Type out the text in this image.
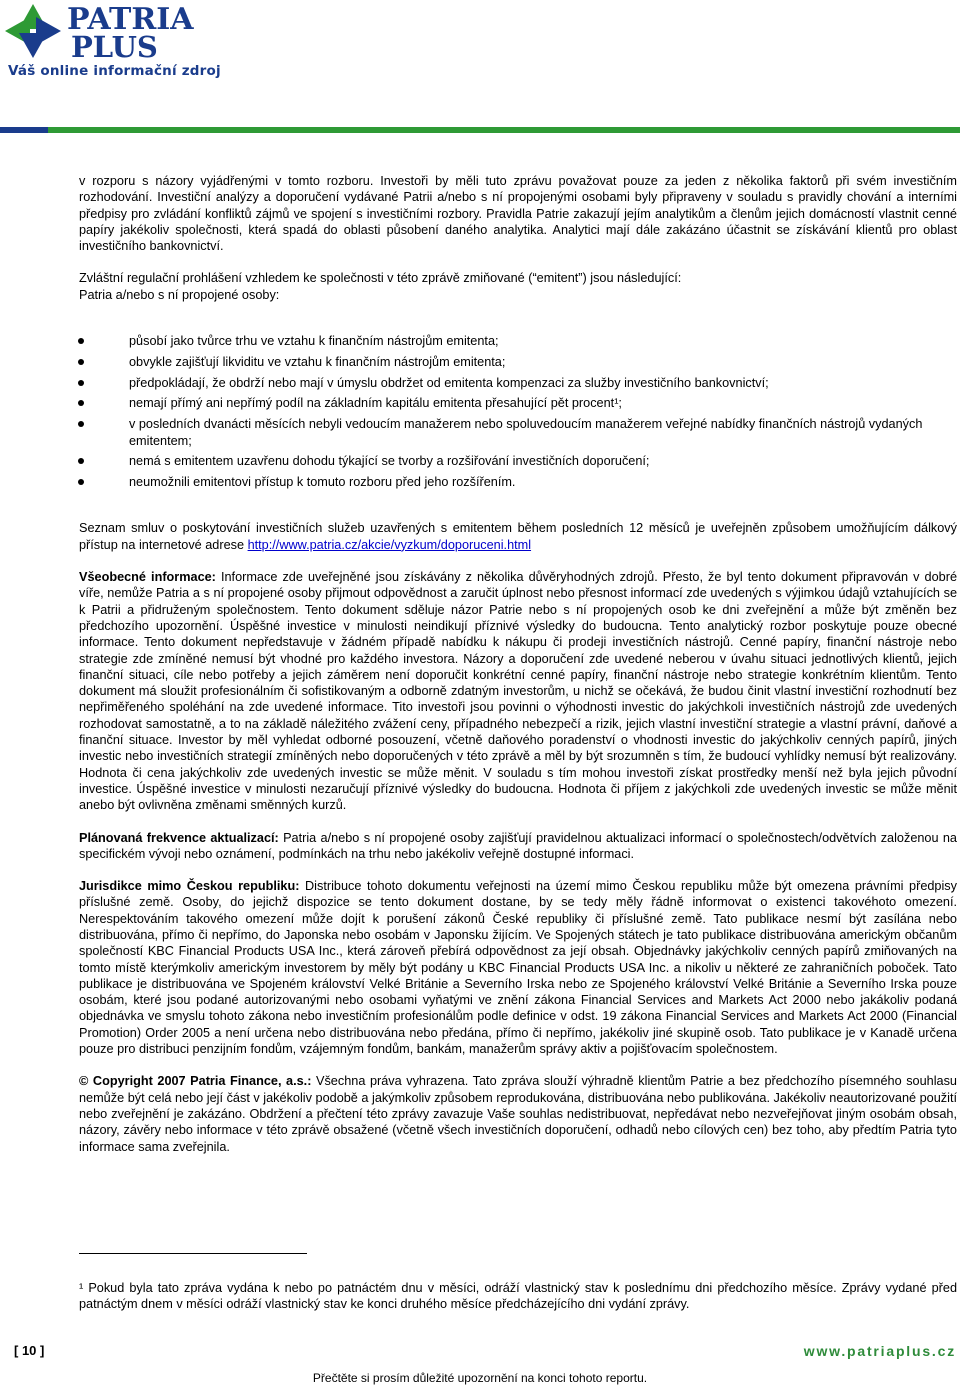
PATRIA
PLUS
Váš online informační zdroj

v rozporu s názory vyjádřenými v tomto rozboru. Investoři by měli tuto zprávu považovat pouze za jeden z několika faktorů při svém investičním rozhodování. Investiční analýzy a doporučení vydávané Patrii a/nebo s ní propojenými osobami byly připraveny v souladu s pravidly chování a interními předpisy pro zvládání konfliktů zájmů ve spojení s investičními rozbory. Pravidla Patrie zakazují jejím analytikům a členům jejich domácností vlastnit cenné papíry jakékoliv společnosti, která spadá do oblasti působení daného analytika. Analytici mají dále zakázáno účastnit se získávání klientů pro oblast investičního bankovnictví.

Zvláštní regulační prohlášení vzhledem ke společnosti v této zprávě zmiňované (“emitent”) jsou následující:
Patria a/nebo s ní propojené osoby:

působí jako tvůrce trhu ve vztahu k finančním nástrojům emitenta;
obvykle zajišťují likviditu ve vztahu k finančním nástrojům emitenta;
předpokládají, že obdrží nebo mají v úmyslu obdržet od emitenta kompenzaci za služby investičního bankovnictví;
nemají přímý ani nepřímý podíl na základním kapitálu emitenta přesahující pět procent¹;
v posledních dvanácti měsících nebyli vedoucím manažerem nebo spoluvedoucím manažerem veřejné nabídky finančních nástrojů vydaných emitentem;
nemá s emitentem uzavřenu dohodu týkající se tvorby a rozšiřování investičních doporučení;
neumožnili emitentovi přístup k tomuto rozboru před jeho rozšířením.

Seznam smluv o poskytování investičních služeb uzavřených s emitentem během posledních 12 měsíců je uveřejněn způsobem umožňujícím dálkový přístup na internetové adrese http://www.patria.cz/akcie/vyzkum/doporuceni.html

Všeobecné informace: Informace zde uveřejněné jsou získávány z několika důvěryhodných zdrojů. Přesto, že byl tento dokument připravován v dobré víře, nemůže Patria a s ní propojené osoby přijmout odpovědnost a zaručit úplnost nebo přesnost informací zde uvedených s výjimkou údajů vztahujících se k Patrii a přidruženým společnostem. Tento dokument sděluje názor Patrie nebo s ní propojených osob ke dni zveřejnění a může být změněn bez předchozího upozornění. Úspěšné investice v minulosti neindikují příznivé výsledky do budoucna. Tento analytický rozbor poskytuje pouze obecné informace. Tento dokument nepředstavuje v žádném případě nabídku k nákupu či prodeji investičních nástrojů. Cenné papíry, finanční nástroje nebo strategie zde zmíněné nemusí být vhodné pro každého investora. Názory a doporučení zde uvedené neberou v úvahu situaci jednotlivých klientů, jejich finanční situaci, cíle nebo potřeby a jejich záměrem není doporučit konkrétní cenné papíry, finanční nástroje nebo strategie konkrétním klientům. Tento dokument má sloužit profesionálním či sofistikovaným a odborně zdatným investorům, u nichž se očekává, že budou činit vlastní investiční rozhodnutí bez nepřiměřeného spoléhání na zde uvedené informace. Tito investoři jsou povinni o výhodnosti investic do jakýchkoli investičních nástrojů zde uvedených rozhodovat samostatně, a to na základě náležitého zvážení ceny, případného nebezpečí a rizik, jejich vlastní investiční strategie a vlastní právní, daňové a finanční situace. Investor by měl vyhledat odborné posouzení, včetně daňového poradenství o vhodnosti investic do jakýchkoliv cenných papírů, jiných investic nebo investičních strategií zmíněných nebo doporučených v této zprávě a měl by být srozumněn s tím, že budoucí vyhlídky nemusí být realizovány. Hodnota či cena jakýchkoliv zde uvedených investic se může měnit. V souladu s tím mohou investoři získat prostředky menší než byla jejich původní investice. Úspěšné investice v minulosti nezaručují příznivé výsledky do budoucna. Hodnota či příjem z jakýchkoli zde uvedených investic se může měnit anebo být ovlivněna změnami směnných kurzů.

Plánovaná frekvence aktualizací: Patria a/nebo s ní propojené osoby zajišťují pravidelnou aktualizaci informací o společnostech/odvětvích založenou na specifickém vývoji nebo oznámení, podmínkách na trhu nebo jakékoliv veřejně dostupné informaci.

Jurisdikce mimo Českou republiku: Distribuce tohoto dokumentu veřejnosti na území mimo Českou republiku může být omezena právními předpisy příslušné země. Osoby, do jejichž dispozice se tento dokument dostane, by se tedy měly řádně informovat o existenci takovéhoto omezení. Nerespektováním takového omezení může dojít k porušení zákonů České republiky či příslušné země. Tato publikace nesmí být zasílána nebo distribuována, přímo či nepřímo, do Japonska nebo osobám v Japonsku žijícím. Ve Spojených státech je tato publikace distribuována americkým občanům společností KBC Financial Products USA Inc., která zároveň přebírá odpovědnost za její obsah. Objednávky jakýchkoliv cenných papírů zmiňovaných na tomto místě kterýmkoliv americkým investorem by měly být podány u KBC Financial Products USA Inc. a nikoliv u některé ze zahraničních poboček. Tato publikace je distribuována ve Spojeném království Velké Británie a Severního Irska nebo ze Spojeného království Velké Británie a Severního Irska pouze osobám, které jsou podané autorizovanými nebo osobami vyňatými ve znění zákona Financial Services and Markets Act 2000 nebo jakákoliv podaná objednávka ve smyslu tohoto zákona nebo investičním profesionálům podle definice v odst. 19 zákona Financial Services and Markets Act 2000 (Financial Promotion) Order 2005 a není určena nebo distribuována nebo předána, přímo či nepřímo, jakékoliv jiné skupině osob. Tato publikace je v Kanadě určena pouze pro distribuci penzijním fondům, vzájemným fondům, bankám, manažerům správy aktiv a pojišťovacím společnostem.

© Copyright 2007 Patria Finance, a.s.: Všechna práva vyhrazena. Tato zpráva slouží výhradně klientům Patrie a bez předchozího písemného souhlasu nemůže být celá nebo její část v jakékoliv podobě a jakýmkoliv způsobem reprodukována, distribuována nebo publikována. Jakékoliv neautorizované použití nebo zveřejnění je zakázáno. Obdržení a přečtení této zprávy zavazuje Vaše souhlas nedistribuovat, nepředávat nebo nezveřejňovat jiným osobám obsah, názory, závěry nebo informace v této zprávě obsažené (včetně všech investičních doporučení, odhadů nebo cílových cen) bez toho, aby předtím Patria tyto informace sama zveřejnila.

¹ Pokud byla tato zpráva vydána k nebo po patnáctém dnu v měsíci, odráží vlastnický stav k poslednímu dni předchozího měsíce. Zprávy vydané před patnáctým dnem v měsíci odráží vlastnický stav ke konci druhého měsíce předcházejícího dni vydání zprávy.

[ 10 ]	www.patriaplus.cz
Přečtěte si prosím důležité upozornění na konci tohoto reportu.
